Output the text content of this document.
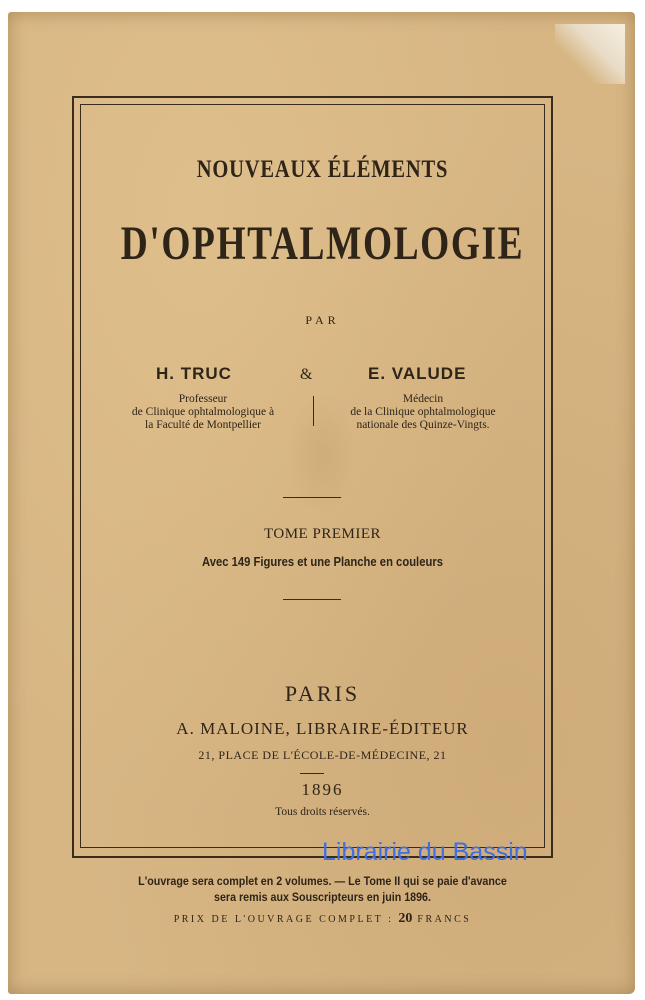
NOUVEAUX ÉLÉMENTS
D'OPHTALMOLOGIE
PAR
H. TRUC	&	E. VALUDE
Professeur
de Clinique ophtalmologique à
la Faculté de Montpellier
Médecin
de la Clinique ophtalmologique
nationale des Quinze-Vingts.
TOME PREMIER
Avec 149 Figures et une Planche en couleurs
PARIS
A. MALOINE, LIBRAIRE-ÉDITEUR
21, PLACE DE L'ÉCOLE-DE-MÉDECINE, 21
1896
Tous droits réservés.
Librairie du Bassin
L'ouvrage sera complet en 2 volumes. — Le Tome II qui se paie d'avance
sera remis aux Souscripteurs en juin 1896.
PRIX DE L'OUVRAGE COMPLET : 20 FRANCS
